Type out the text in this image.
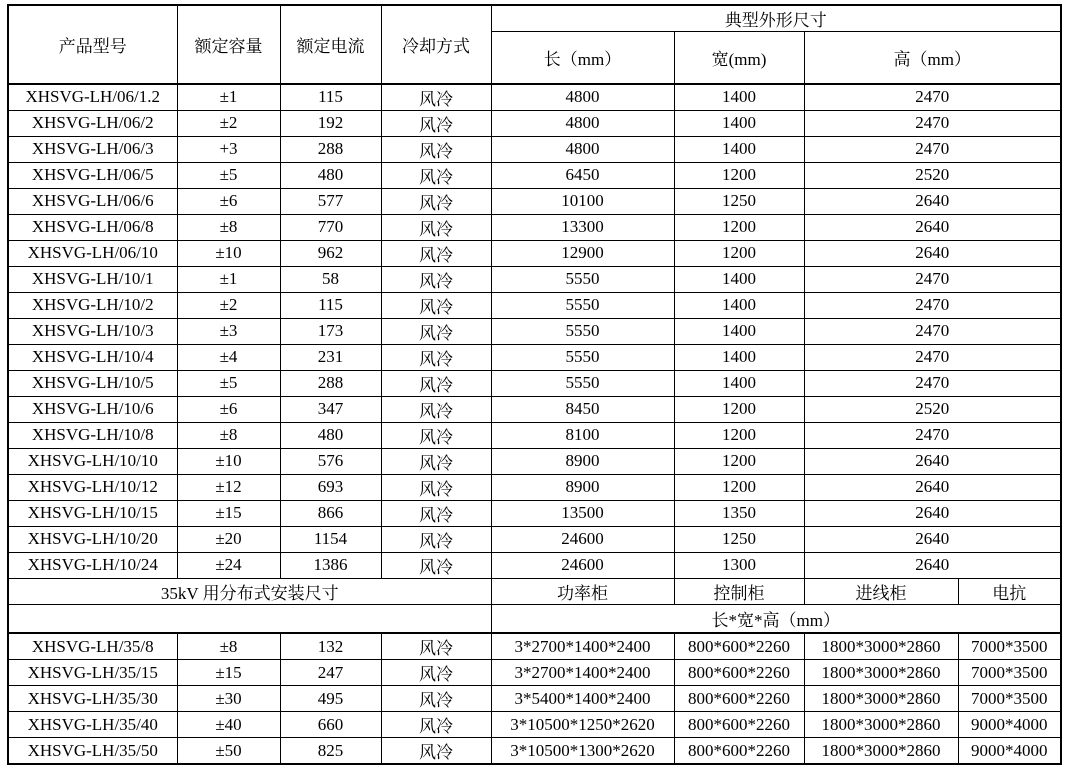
产品型号	额定容量	额定电流	冷却方式	典型外形尺寸			
				长（mm）	宽(mm)	高（mm）	
XHSVG-LH/06/1.2	±1	115	风冷	4800	1400	2470	
XHSVG-LH/06/2	±2	192	风冷	4800	1400	2470	
XHSVG-LH/06/3	+3	288	风冷	4800	1400	2470	
XHSVG-LH/06/5	±5	480	风冷	6450	1200	2520	
XHSVG-LH/06/6	±6	577	风冷	10100	1250	2640	
XHSVG-LH/06/8	±8	770	风冷	13300	1200	2640	
XHSVG-LH/06/10	±10	962	风冷	12900	1200	2640	
XHSVG-LH/10/1	±1	58	风冷	5550	1400	2470	
XHSVG-LH/10/2	±2	115	风冷	5550	1400	2470	
XHSVG-LH/10/3	±3	173	风冷	5550	1400	2470	
XHSVG-LH/10/4	±4	231	风冷	5550	1400	2470	
XHSVG-LH/10/5	±5	288	风冷	5550	1400	2470	
XHSVG-LH/10/6	±6	347	风冷	8450	1200	2520	
XHSVG-LH/10/8	±8	480	风冷	8100	1200	2470	
XHSVG-LH/10/10	±10	576	风冷	8900	1200	2640	
XHSVG-LH/10/12	±12	693	风冷	8900	1200	2640	
XHSVG-LH/10/15	±15	866	风冷	13500	1350	2640	
XHSVG-LH/10/20	±20	1154	风冷	24600	1250	2640	
XHSVG-LH/10/24	±24	1386	风冷	24600	1300	2640	
35kV 用分布式安装尺寸				功率柜	控制柜	进线柜	电抗
				长*宽*高（mm）			
XHSVG-LH/35/8	±8	132	风冷	3*2700*1400*2400	800*600*2260	1800*3000*2860	7000*3500
XHSVG-LH/35/15	±15	247	风冷	3*2700*1400*2400	800*600*2260	1800*3000*2860	7000*3500
XHSVG-LH/35/30	±30	495	风冷	3*5400*1400*2400	800*600*2260	1800*3000*2860	7000*3500
XHSVG-LH/35/40	±40	660	风冷	3*10500*1250*2620	800*600*2260	1800*3000*2860	9000*4000
XHSVG-LH/35/50	±50	825	风冷	3*10500*1300*2620	800*600*2260	1800*3000*2860	9000*4000
